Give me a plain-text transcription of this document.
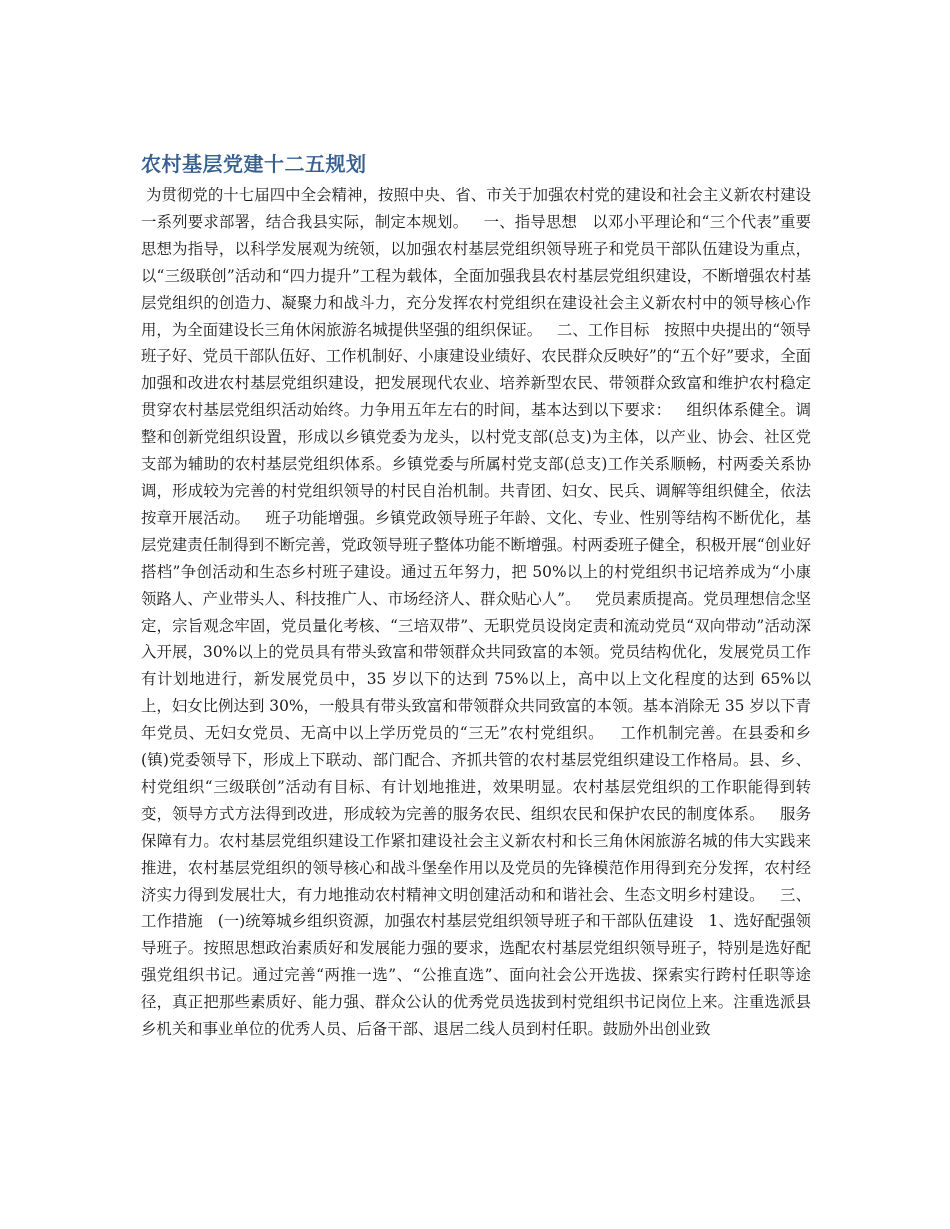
农村基层党建十二五规划

为贯彻党的十七届四中全会精神，按照中央、省、市关于加强农村党的建设和社会主义新农村建设一系列要求部署，结合我县实际，制定本规划。   一、指导思想   以邓小平理论和“三个代表”重要思想为指导，以科学发展观为统领，以加强农村基层党组织领导班子和党员干部队伍建设为重点，以“三级联创”活动和“四力提升”工程为载体，全面加强我县农村基层党组织建设，不断增强农村基层党组织的创造力、凝聚力和战斗力，充分发挥农村党组织在建设社会主义新农村中的领导核心作用，为全面建设长三角休闲旅游名城提供坚强的组织保证。   二、工作目标   按照中央提出的“领导班子好、党员干部队伍好、工作机制好、小康建设业绩好、农民群众反映好”的“五个好”要求，全面加强和改进农村基层党组织建设，把发展现代农业、培养新型农民、带领群众致富和维护农村稳定贯穿农村基层党组织活动始终。力争用五年左右的时间，基本达到以下要求：   组织体系健全。调整和创新党组织设置，形成以乡镇党委为龙头，以村党支部(总支)为主体，以产业、协会、社区党支部为辅助的农村基层党组织体系。乡镇党委与所属村党支部(总支)工作关系顺畅，村两委关系协调，形成较为完善的村党组织领导的村民自治机制。共青团、妇女、民兵、调解等组织健全，依法按章开展活动。   班子功能增强。乡镇党政领导班子年龄、文化、专业、性别等结构不断优化，基层党建责任制得到不断完善，党政领导班子整体功能不断增强。村两委班子健全，积极开展“创业好搭档”争创活动和生态乡村班子建设。通过五年努力，把 50%以上的村党组织书记培养成为“小康领路人、产业带头人、科技推广人、市场经济人、群众贴心人”。   党员素质提高。党员理想信念坚定，宗旨观念牢固，党员量化考核、“三培双带”、无职党员设岗定责和流动党员“双向带动”活动深入开展，30%以上的党员具有带头致富和带领群众共同致富的本领。党员结构优化，发展党员工作有计划地进行，新发展党员中，35 岁以下的达到 75%以上，高中以上文化程度的达到 65%以上，妇女比例达到 30%，一般具有带头致富和带领群众共同致富的本领。基本消除无 35 岁以下青年党员、无妇女党员、无高中以上学历党员的“三无”农村党组织。   工作机制完善。在县委和乡(镇)党委领导下，形成上下联动、部门配合、齐抓共管的农村基层党组织建设工作格局。县、乡、村党组织“三级联创”活动有目标、有计划地推进，效果明显。农村基层党组织的工作职能得到转变，领导方式方法得到改进，形成较为完善的服务农民、组织农民和保护农民的制度体系。   服务保障有力。农村基层党组织建设工作紧扣建设社会主义新农村和长三角休闲旅游名城的伟大实践来推进，农村基层党组织的领导核心和战斗堡垒作用以及党员的先锋模范作用得到充分发挥，农村经济实力得到发展壮大，有力地推动农村精神文明创建活动和和谐社会、生态文明乡村建设。   三、工作措施   (一)统筹城乡组织资源，加强农村基层党组织领导班子和干部队伍建设   1、选好配强领导班子。按照思想政治素质好和发展能力强的要求，选配农村基层党组织领导班子，特别是选好配强党组织书记。通过完善“两推一选”、“公推直选”、面向社会公开选拔、探索实行跨村任职等途径，真正把那些素质好、能力强、群众公认的优秀党员选拔到村党组织书记岗位上来。注重选派县乡机关和事业单位的优秀人员、后备干部、退居二线人员到村任职。鼓励外出创业致
